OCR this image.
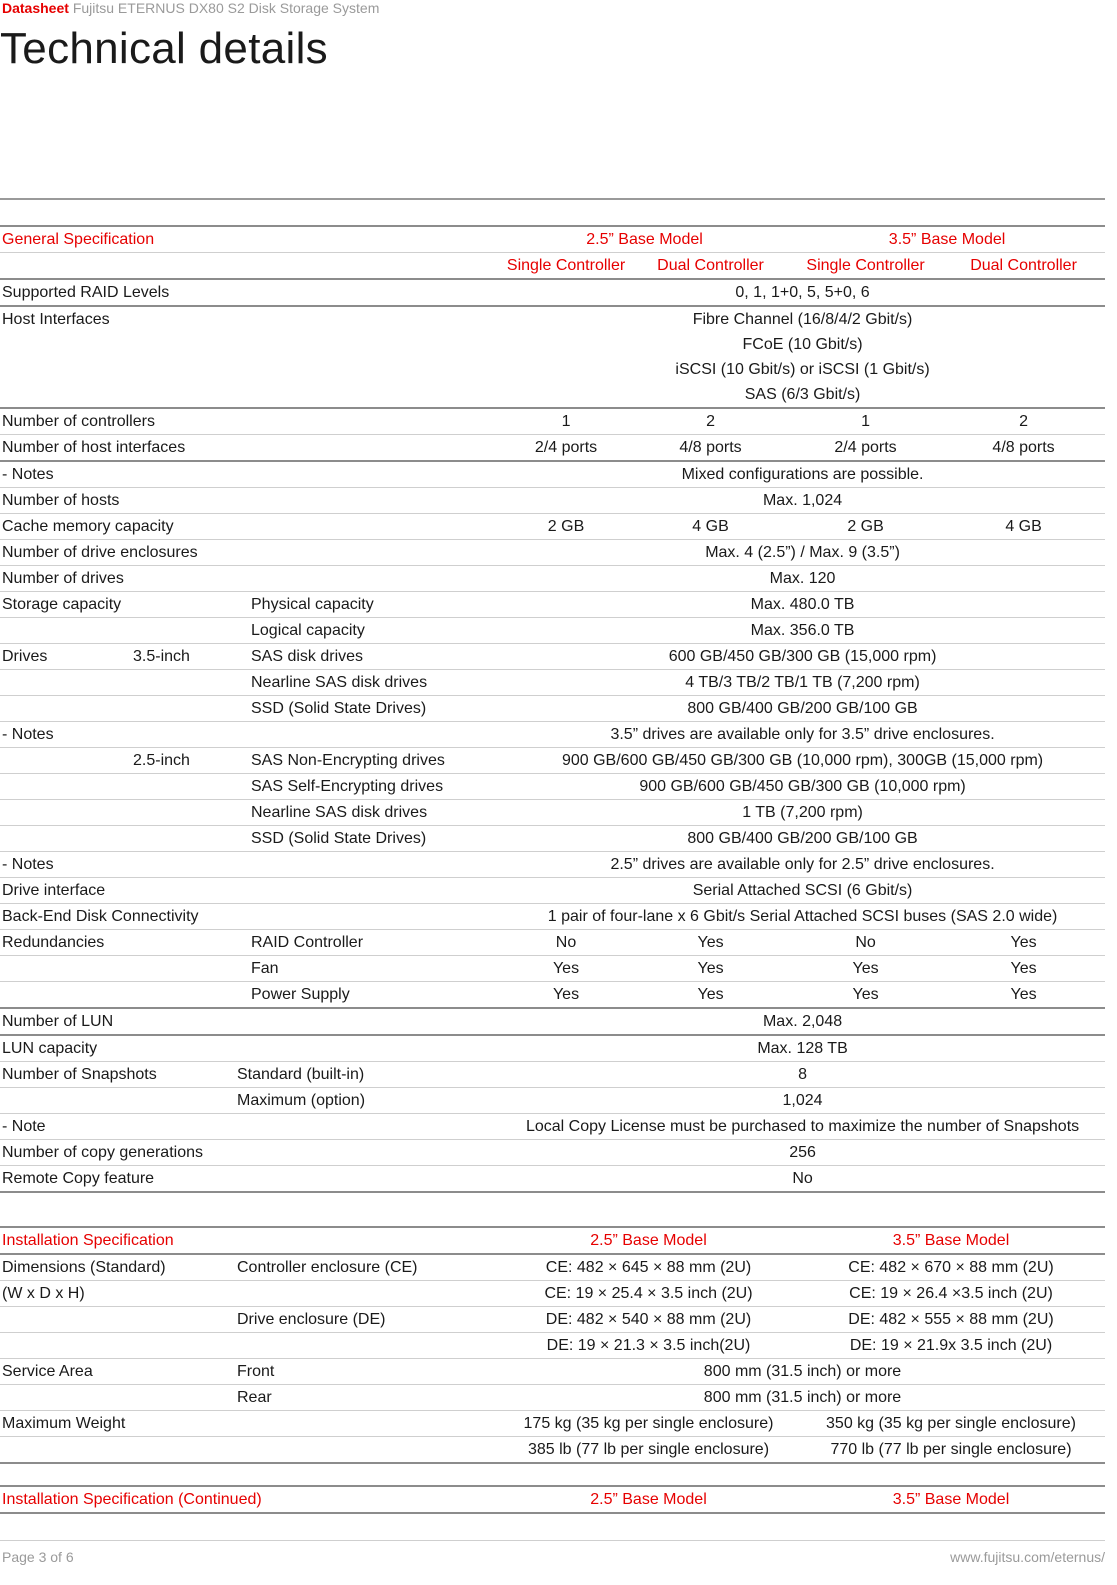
Datasheet Fujitsu ETERNUS DX80 S2 Disk Storage System
Technical details
General Specification				2.5” Base Model		3.5” Base Model	
				Single Controller	Dual Controller	Single Controller	Dual Controller
Supported RAID Levels				0, 1, 1+0, 5, 5+0, 6			
Host Interfaces				Fibre Channel (16/8/4/2 Gbit/s)
FCoE (10 Gbit/s)
iSCSI (10 Gbit/s) or iSCSI (1 Gbit/s)
SAS (6/3 Gbit/s)			

Number of controllers				1	2	1	2
Number of host interfaces				2/4 ports	4/8 ports	2/4 ports	4/8 ports
- Notes				Mixed configurations are possible.			
Number of hosts				Max. 1,024			
Cache memory capacity				2 GB	4 GB	2 GB	4 GB
Number of drive enclosures				Max. 4 (2.5”) / Max. 9 (3.5”)			
Number of drives				Max. 120			
Storage capacity			Physical capacity	Max. 480.0 TB			
			Logical capacity	Max. 356.0 TB			
Drives	3.5-inch		SAS disk drives	600 GB/450 GB/300 GB (15,000 rpm)			
			Nearline SAS disk drives	4 TB/3 TB/2 TB/1 TB (7,200 rpm)			
			SSD (Solid State Drives)	800 GB/400 GB/200 GB/100 GB			
- Notes				3.5” drives are available only for 3.5” drive enclosures.			
	2.5-inch		SAS Non-Encrypting drives	900 GB/600 GB/450 GB/300 GB (10,000 rpm), 300GB (15,000 rpm)			
			SAS Self-Encrypting drives	900 GB/600 GB/450 GB/300 GB (10,000 rpm)			
			Nearline SAS disk drives	1 TB (7,200 rpm)			
			SSD (Solid State Drives)	800 GB/400 GB/200 GB/100 GB			
- Notes				2.5” drives are available only for 2.5” drive enclosures.			
Drive interface				Serial Attached SCSI (6 Gbit/s)			
Back-End Disk Connectivity				1 pair of four-lane x 6 Gbit/s Serial Attached SCSI buses (SAS 2.0 wide)			
Redundancies			RAID Controller	No	Yes	No	Yes
			Fan	Yes	Yes	Yes	Yes
			Power Supply	Yes	Yes	Yes	Yes
Number of LUN				Max. 2,048			
LUN capacity				Max. 128 TB			
Number of Snapshots		Standard (built-in)		8			
		Maximum (option)		1,024			
- Note				Local Copy License must be purchased to maximize the number of Snapshots			
Number of copy generations				256			
Remote Copy feature				No			
Installation Specification		2.5” Base Model	3.5” Base Model
Dimensions (Standard)	Controller enclosure (CE)	CE: 482 × 645 × 88 mm (2U)	CE: 482 × 670 × 88 mm (2U)
(W x D x H)		CE: 19 × 25.4 × 3.5 inch (2U)	CE: 19 × 26.4 ×3.5 inch (2U)
	Drive enclosure (DE)	DE: 482 × 540 × 88 mm (2U)	DE: 482 × 555 × 88 mm (2U)
		DE: 19 × 21.3 × 3.5 inch(2U)	DE: 19 × 21.9x 3.5 inch (2U)
Service Area	Front	800 mm (31.5 inch) or more	
	Rear	800 mm (31.5 inch) or more	
Maximum Weight		175 kg (35 kg per single enclosure)	350 kg (35 kg per single enclosure)
		385 lb (77 lb per single enclosure)	770 lb (77 lb per single enclosure)
Installation Specification (Continued)	2.5” Base Model	3.5” Base Model
Page 3 of 6	www.fujitsu.com/eternus/
